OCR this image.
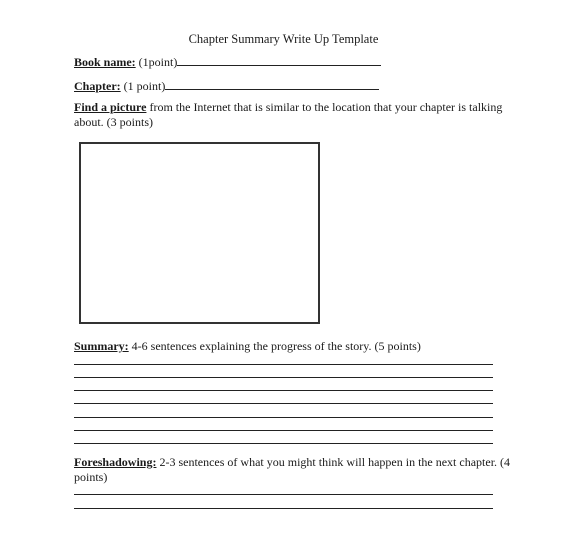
Chapter Summary Write Up Template
Book name: (1point)
Chapter: (1 point)
Find a picture from the Internet that is similar to the location that your chapter is talking about. (3 points)
Summary: 4-6 sentences explaining the progress of the story. (5 points)
Foreshadowing: 2-3 sentences of what you might think will happen in the next chapter. (4 points)
